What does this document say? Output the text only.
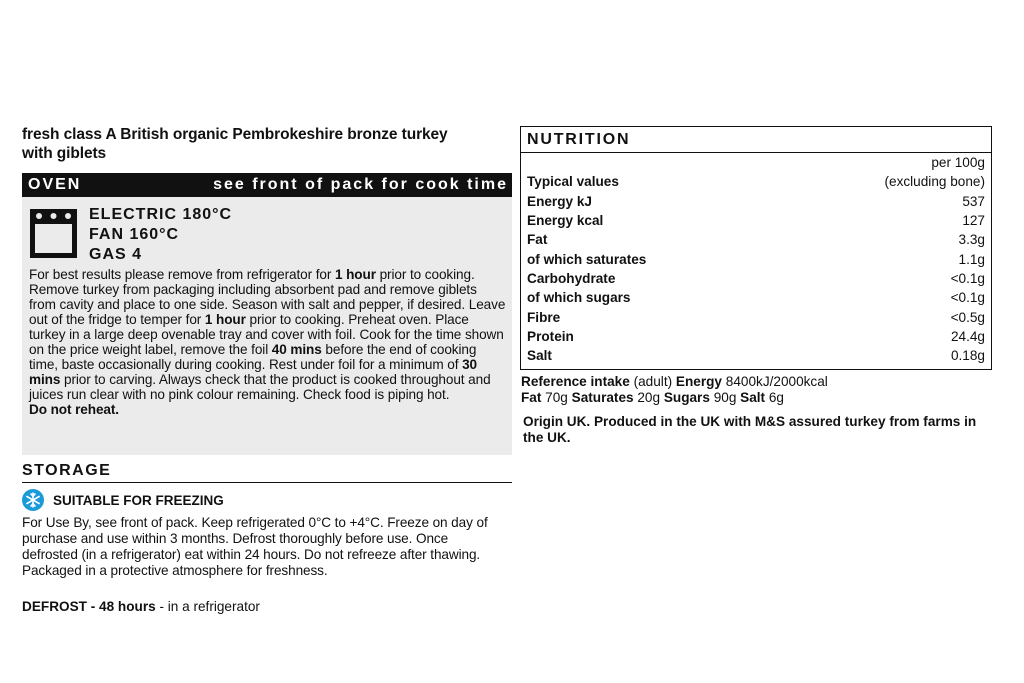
fresh class A British organic Pembrokeshire bronze turkey with giblets
OVEN	see front of pack for cook time
ELECTRIC 180°C
FAN 160°C
GAS 4
For best results please remove from refrigerator for 1 hour prior to cooking. Remove turkey from packaging including absorbent pad and remove giblets from cavity and place to one side. Season with salt and pepper, if desired. Leave out of the fridge to temper for 1 hour prior to cooking. Preheat oven. Place turkey in a large deep ovenable tray and cover with foil. Cook for the time shown on the price weight label, remove the foil 40 mins before the end of cooking time, baste occasionally during cooking. Rest under foil for a minimum of 30 mins prior to carving. Always check that the product is cooked throughout and juices run clear with no pink colour remaining. Check food is piping hot.
Do not reheat.
STORAGE
SUITABLE FOR FREEZING
For Use By, see front of pack. Keep refrigerated 0°C to +4°C. Freeze on day of purchase and use within 3 months. Defrost thoroughly before use. Once defrosted (in a refrigerator) eat within 24 hours. Do not refreeze after thawing. Packaged in a protective atmosphere for freshness.
DEFROST - 48 hours - in a refrigerator
NUTRITION
per 100g
Typical values	(excluding bone)
Energy kJ	537
Energy kcal	127
Fat	3.3g
of which saturates	1.1g
Carbohydrate	<0.1g
of which sugars	<0.1g
Fibre	<0.5g
Protein	24.4g
Salt	0.18g
Reference intake (adult) Energy 8400kJ/2000kcal
Fat 70g Saturates 20g Sugars 90g Salt 6g
Origin UK. Produced in the UK with M&S assured turkey from farms in the UK.
